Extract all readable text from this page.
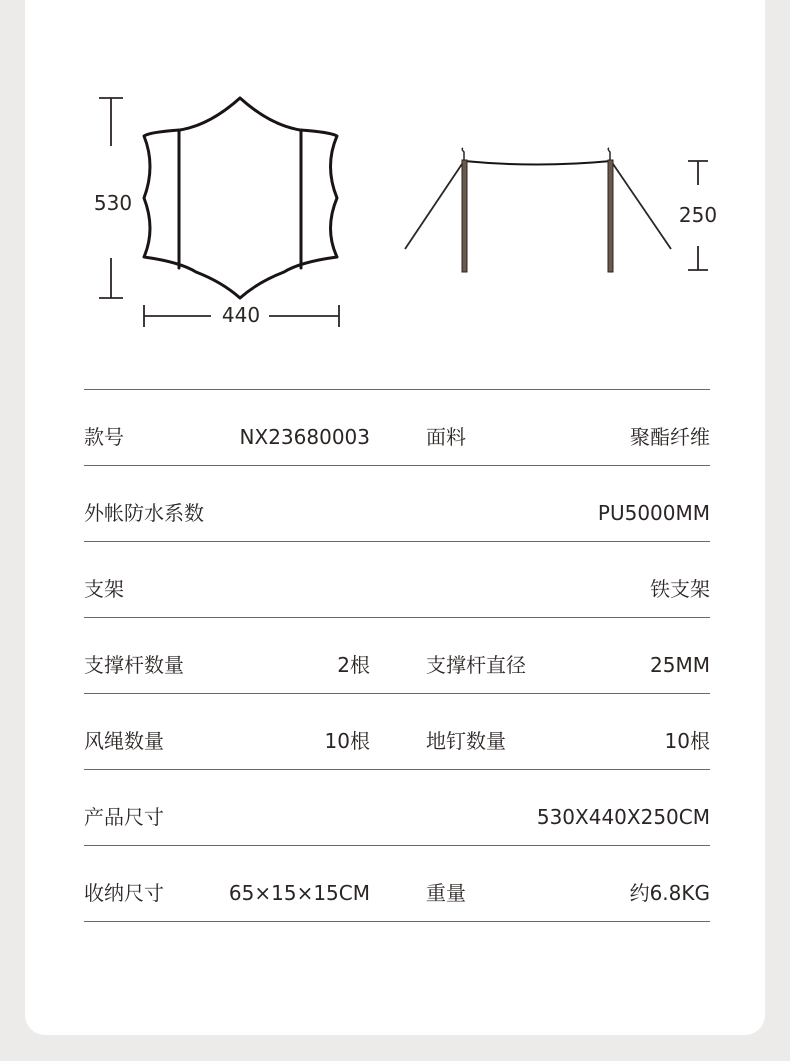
530
440
250
款号	NX23680003	面料	聚酯纤维
外帐防水系数	PU5000MM
支架	铁支架
支撑杆数量	2根	支撑杆直径	25MM
风绳数量	10根	地钉数量	10根
产品尺寸	530X440X250CM
收纳尺寸	65×15×15CM	重量	约6.8KG
